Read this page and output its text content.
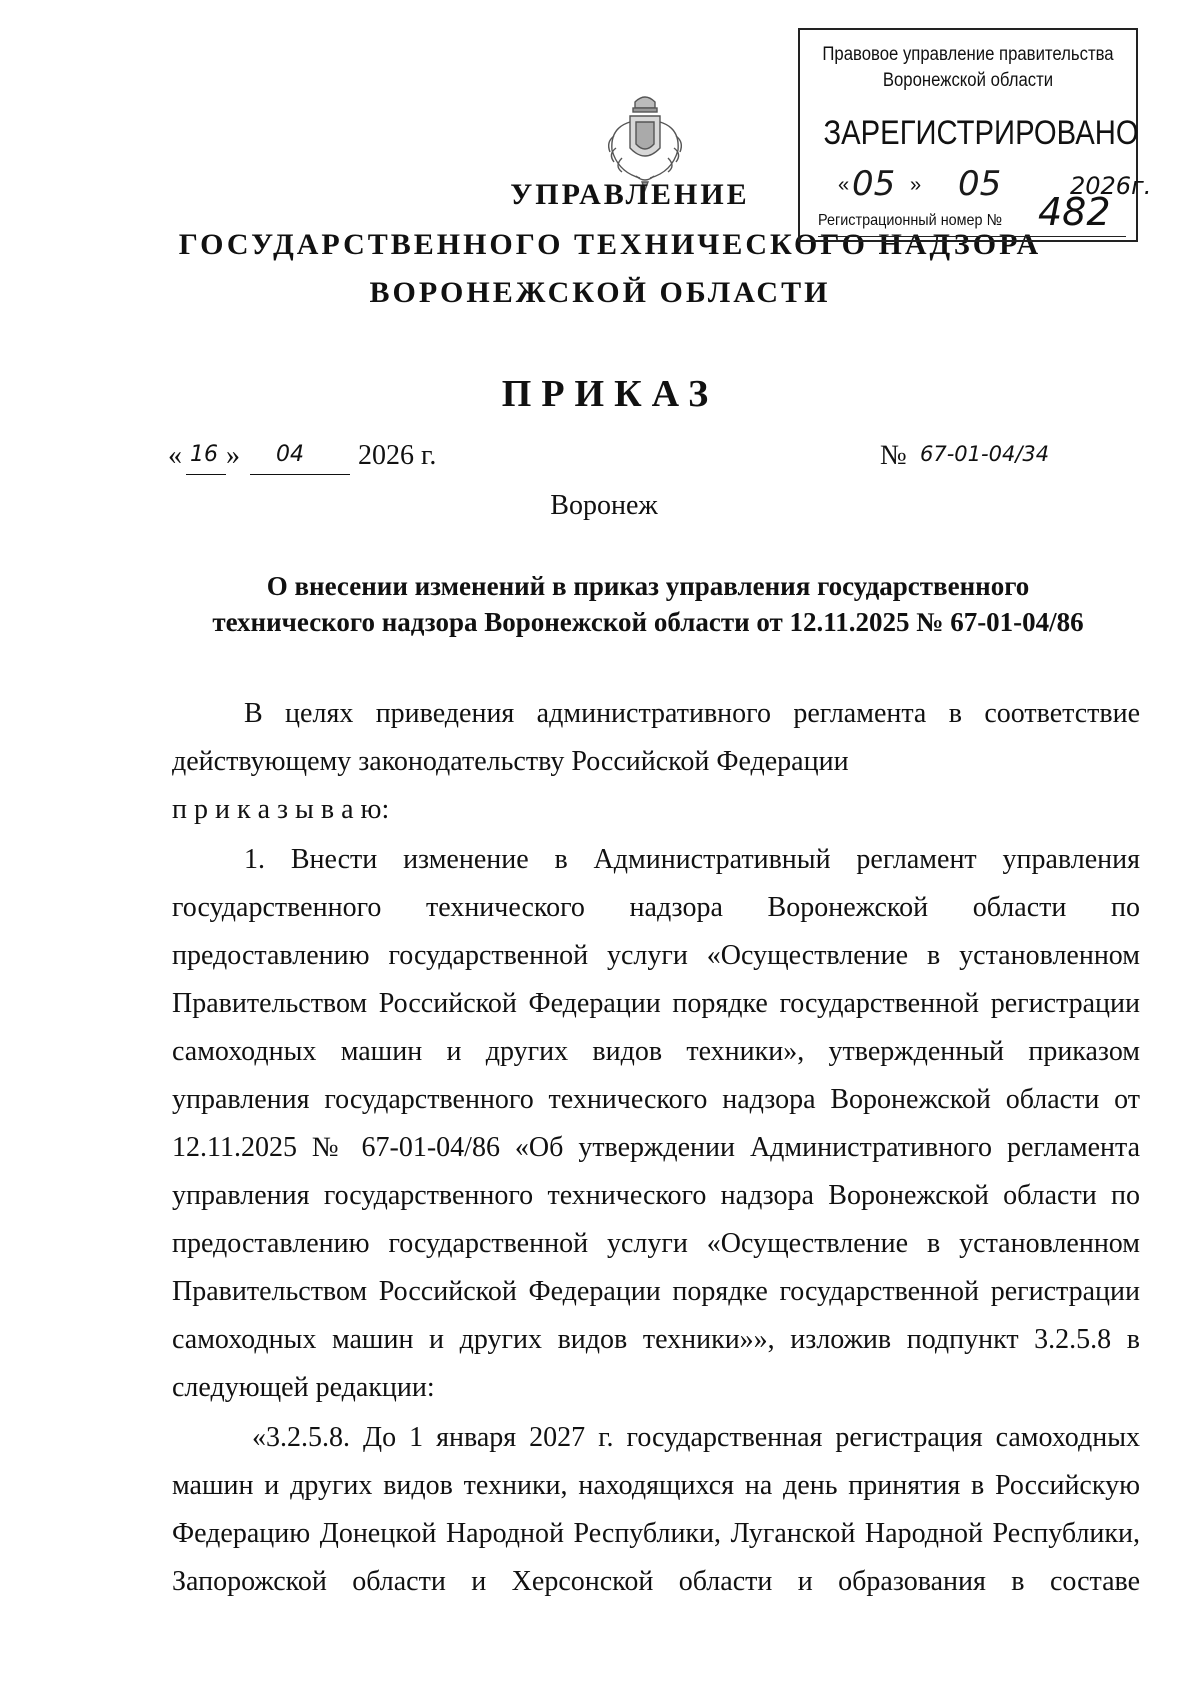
УПРАВЛЕНИЕ
ГОСУДАРСТВЕННОГО ТЕХНИЧЕСКОГО НАДЗОРА
ВОРОНЕЖСКОЙ ОБЛАСТИ
Правовое управление правительства
Воронежской области
ЗАРЕГИСТРИРОВАНО
« 05 » 05	2026г.
Регистрационный номер № 482
ПРИКАЗ
« 16 » 04 2026 г.	№ 67-01-04/34
Воронеж
О внесении изменений в приказ управления государственного
технического надзора Воронежской области от 12.11.2025 № 67-01-04/86
В целях приведения административного регламента в соответствие
действующему законодательству Российской Федерации
п р и к а з ы в а ю:
1. Внести изменение в Административный регламент управления
государственного технического надзора Воронежской области по
предоставлению государственной услуги «Осуществление в установленном
Правительством Российской Федерации порядке государственной регистрации
самоходных машин и других видов техники», утвержденный приказом
управления государственного технического надзора Воронежской области от
12.11.2025 № 67-01-04/86 «Об утверждении Административного регламента
управления государственного технического надзора Воронежской области по
предоставлению государственной услуги «Осуществление в установленном
Правительством Российской Федерации порядке государственной регистрации
самоходных машин и других видов техники»», изложив подпункт 3.2.5.8 в
следующей редакции:
«3.2.5.8. До 1 января 2027 г. государственная регистрация самоходных
машин и других видов техники, находящихся на день принятия в Российскую
Федерацию Донецкой Народной Республики, Луганской Народной Республики,
Запорожской области и Херсонской области и образования в составе
